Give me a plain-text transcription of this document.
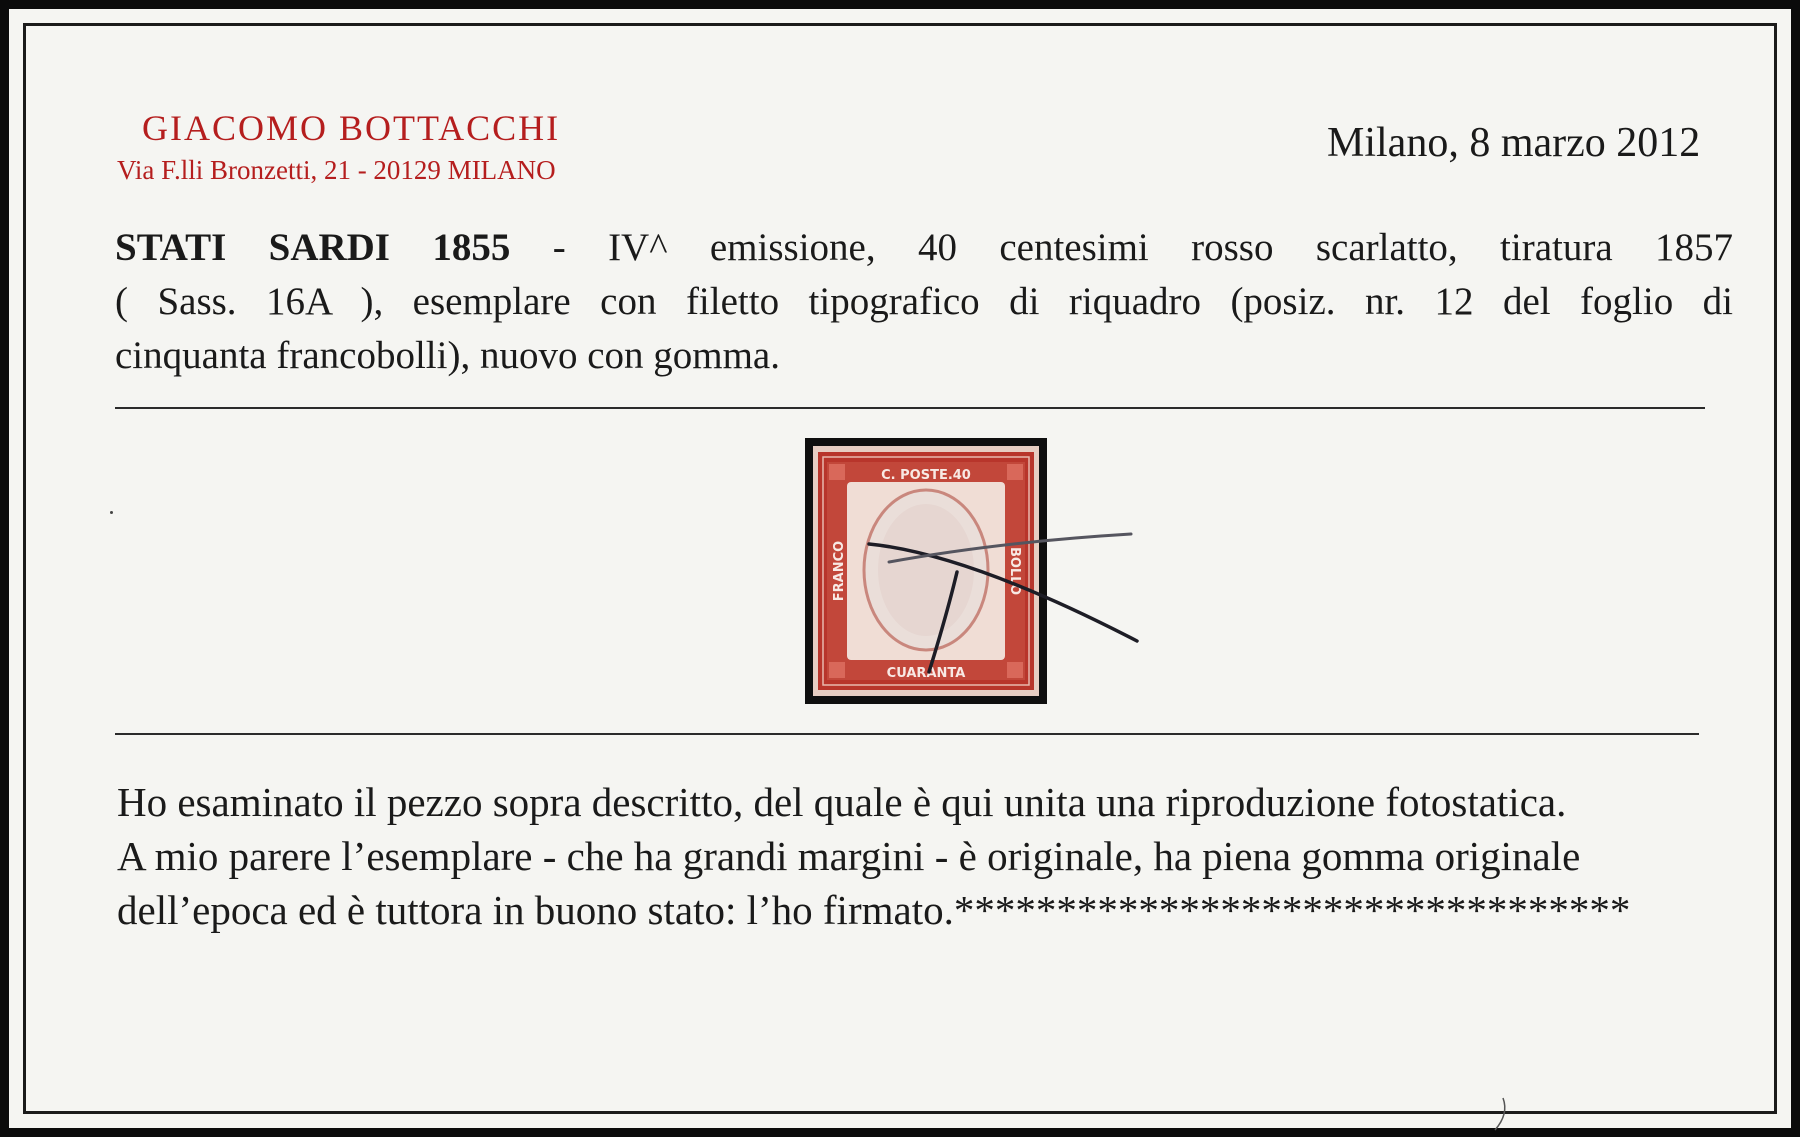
GIACOMO BOTTACCHI
Via F.lli Bronzetti, 21 - 20129 MILANO
Milano, 8 marzo 2012
STATI SARDI 1855 - IV^ emissione, 40 centesimi rosso scarlatto, tiratura 1857
( Sass. 16A ), esemplare con filetto tipografico di riquadro (posiz. nr. 12 del foglio di
cinquanta francobolli), nuovo con gomma.
C. POSTE.40
CUARANTA
FRANCO	BOLLO
Ho esaminato il pezzo sopra descritto, del quale è qui unita una riproduzione fotostatica.
A mio parere l’esemplare - che ha grandi margini - è originale, ha piena gomma originale
dell’epoca ed è tuttora in buono stato: l’ho firmato.*********************************
